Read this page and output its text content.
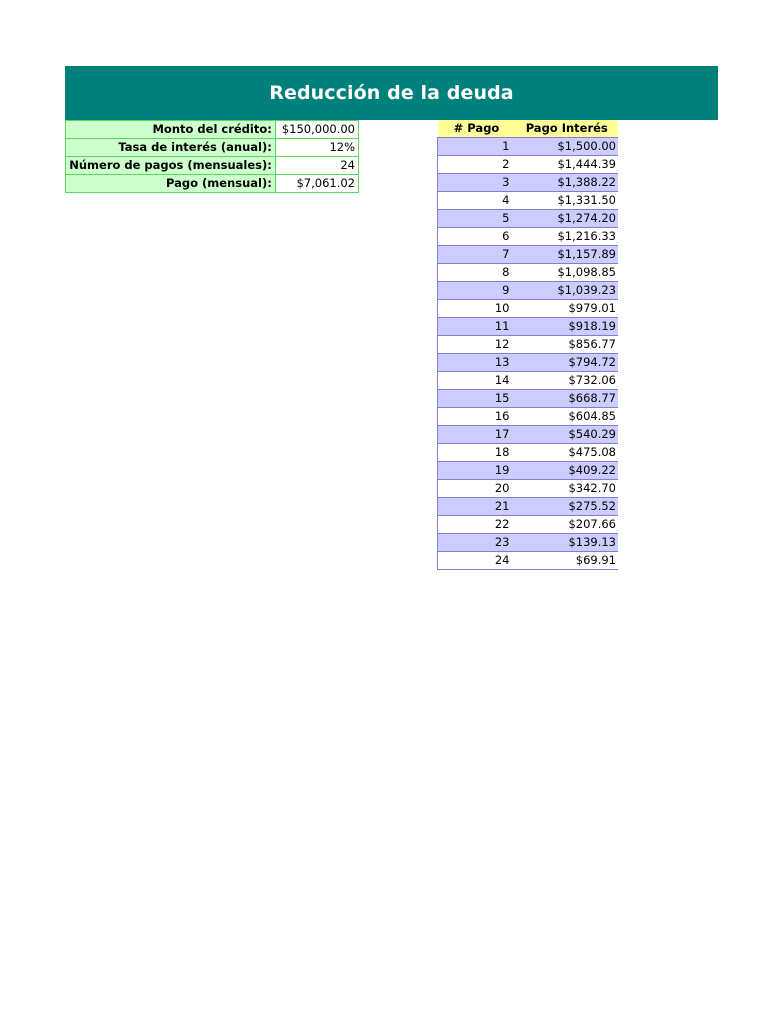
Reducción de la deuda
Monto del crédito:	$150,000.00
Tasa de interés (anual):	12%
Número de pagos (mensuales):	24
Pago (mensual):	$7,061.02
# Pago	Pago Interés
1	$1,500.00
2	$1,444.39
3	$1,388.22
4	$1,331.50
5	$1,274.20
6	$1,216.33
7	$1,157.89
8	$1,098.85
9	$1,039.23
10	$979.01
11	$918.19
12	$856.77
13	$794.72
14	$732.06
15	$668.77
16	$604.85
17	$540.29
18	$475.08
19	$409.22
20	$342.70
21	$275.52
22	$207.66
23	$139.13
24	$69.91
